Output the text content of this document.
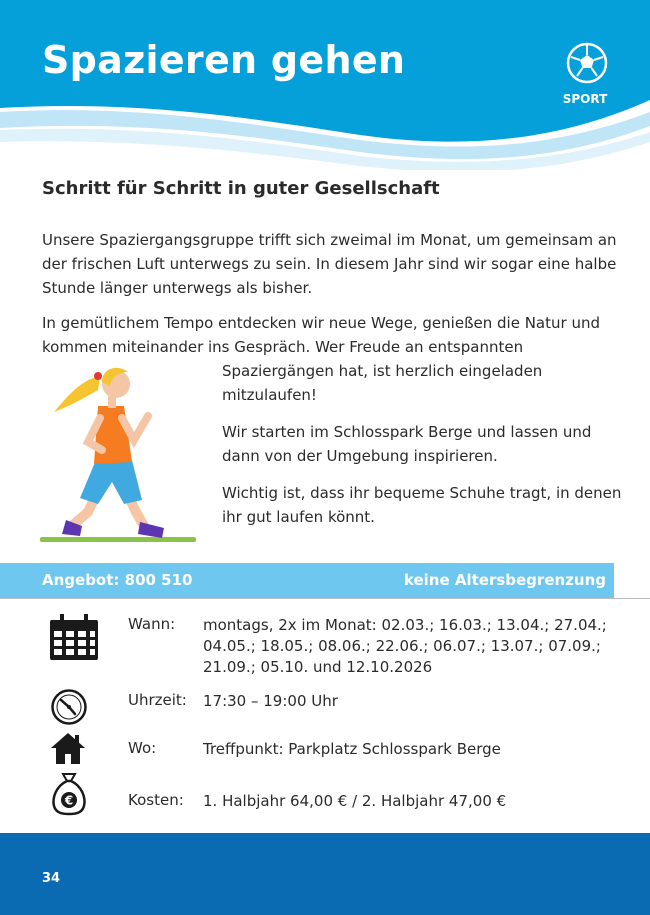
Spazieren gehen
SPORT
Schritt für Schritt in guter Gesellschaft
Unsere Spaziergangsgruppe trifft sich zweimal im Monat, um gemeinsam an der frischen Luft unterwegs zu sein. In diesem Jahr sind wir sogar eine halbe Stunde länger unterwegs als bisher.
In gemütlichem Tempo entdecken wir neue Wege, genießen die Natur und kommen miteinander ins Gespräch. Wer Freude an entspannten
Spaziergängen hat, ist herzlich eingeladen mitzulaufen!
Wir starten im Schlosspark Berge und lassen und dann von der Umgebung inspirieren.
Wichtig ist, dass ihr bequeme Schuhe tragt, in denen ihr gut laufen könnt.
Angebot: 800 510	keine Altersbegrenzung
Wann: montags, 2x im Monat: 02.03.; 16.03.; 13.04.; 27.04.; 04.05.; 18.05.; 08.06.; 22.06.; 06.07.; 13.07.; 07.09.; 21.09.; 05.10. und 12.10.2026
Uhrzeit: 17:30 – 19:00 Uhr
Wo:	Treffpunkt: Parkplatz Schlosspark Berge
€	Kosten: 1. Halbjahr 64,00 € / 2. Halbjahr 47,00 €
34
